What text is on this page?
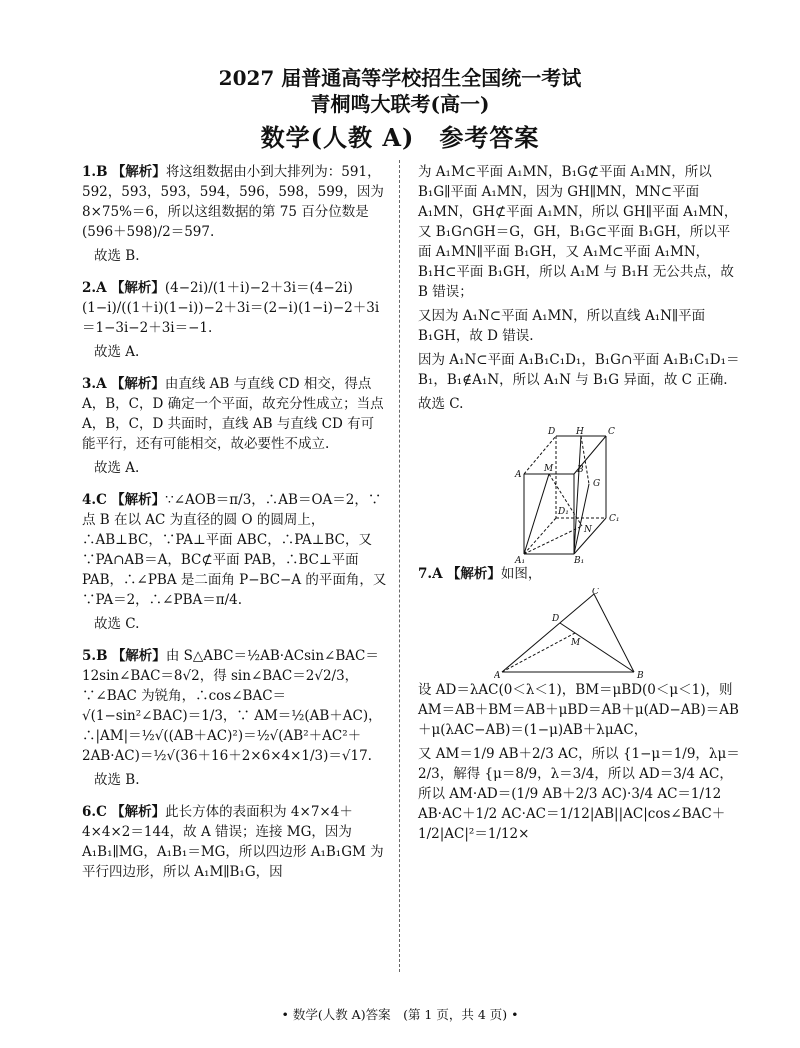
2027 届普通高等学校招生全国统一考试
青桐鸣大联考(高一)
数学(人教 A)　参考答案
1.B 【解析】将这组数据由小到大排列为：591，592，593，593，594，596，598，599，因为 8×75%＝6，所以这组数据的第 75 百分位数是(596＋598)/2＝597.
故选 B.
2.A 【解析】(4−2i)/(1＋i)−2＋3i＝(4−2i)(1−i)/((1＋i)(1−i))−2＋3i＝(2−i)(1−i)−2＋3i＝1−3i−2＋3i＝−1.
故选 A.
3.A 【解析】由直线 AB 与直线 CD 相交，得点 A，B，C，D 确定一个平面，故充分性成立；当点 A，B，C，D 共面时，直线 AB 与直线 CD 有可能平行，还有可能相交，故必要性不成立.
故选 A.
4.C 【解析】∵∠AOB＝π/3，∴AB＝OA＝2，∵点 B 在以 AC 为直径的圆 O 的圆周上，∴AB⊥BC，∵PA⊥平面 ABC，∴PA⊥BC，又∵PA∩AB＝A，BC⊄平面 PAB，∴BC⊥平面 PAB，∴∠PBA 是二面角 P−BC−A 的平面角，又∵PA＝2，∴∠PBA＝π/4.
故选 C.
5.B 【解析】由 S△ABC＝½AB·ACsin∠BAC＝12sin∠BAC＝8√2，得 sin∠BAC＝2√2/3，∵∠BAC 为锐角，∴cos∠BAC＝√(1−sin²∠BAC)＝1/3，∵ AM＝½(AB＋AC)，∴|AM|＝½√((AB＋AC)²)＝½√(AB²＋AC²＋2AB·AC)＝½√(36＋16＋2×6×4×1/3)＝√17.
故选 B.
6.C 【解析】此长方体的表面积为 4×7×4＋4×4×2＝144，故 A 错误；连接 MG，因为 A₁B₁∥MG，A₁B₁＝MG，所以四边形 A₁B₁GM 为平行四边形，所以 A₁M∥B₁G，因
为 A₁M⊂平面 A₁MN，B₁G⊄平面 A₁MN，所以 B₁G∥平面 A₁MN，因为 GH∥MN，MN⊂平面 A₁MN，GH⊄平面 A₁MN，所以 GH∥平面 A₁MN，又 B₁G∩GH＝G，GH，B₁G⊂平面 B₁GH，所以平面 A₁MN∥平面 B₁GH，又 A₁M⊂平面 A₁MN，B₁H⊂平面 B₁GH，所以 A₁M 与 B₁H 无公共点，故 B 错误；
又因为 A₁N⊂平面 A₁MN，所以直线 A₁N∥平面 B₁GH，故 D 错误.
因为 A₁N⊂平面 A₁B₁C₁D₁，B₁G∩平面 A₁B₁C₁D₁＝B₁，B₁∉A₁N，所以 A₁N 与 B₁G 异面，故 C 正确.
故选 C.
D H	C
A
M	B
G
D₁
C₁
N
A₁	B₁
7.A 【解析】如图，
C
D
M
A	B
设 AD＝λAC(0＜λ＜1)，BM＝μBD(0＜μ＜1)，则 AM＝AB＋BM＝AB＋μBD＝AB＋μ(AD−AB)＝AB＋μ(λAC−AB)＝(1−μ)AB＋λμAC，
又 AM＝1/9 AB＋2/3 AC，所以 {1−μ＝1/9，λμ＝2/3，解得 {μ＝8/9，λ＝3/4，所以 AD＝3/4 AC，所以 AM·AD＝(1/9 AB＋2/3 AC)·3/4 AC＝1/12 AB·AC＋1/2 AC·AC＝1/12|AB||AC|cos∠BAC＋1/2|AC|²＝1/12×
• 数学(人教 A)答案　(第 1 页，共 4 页) •
